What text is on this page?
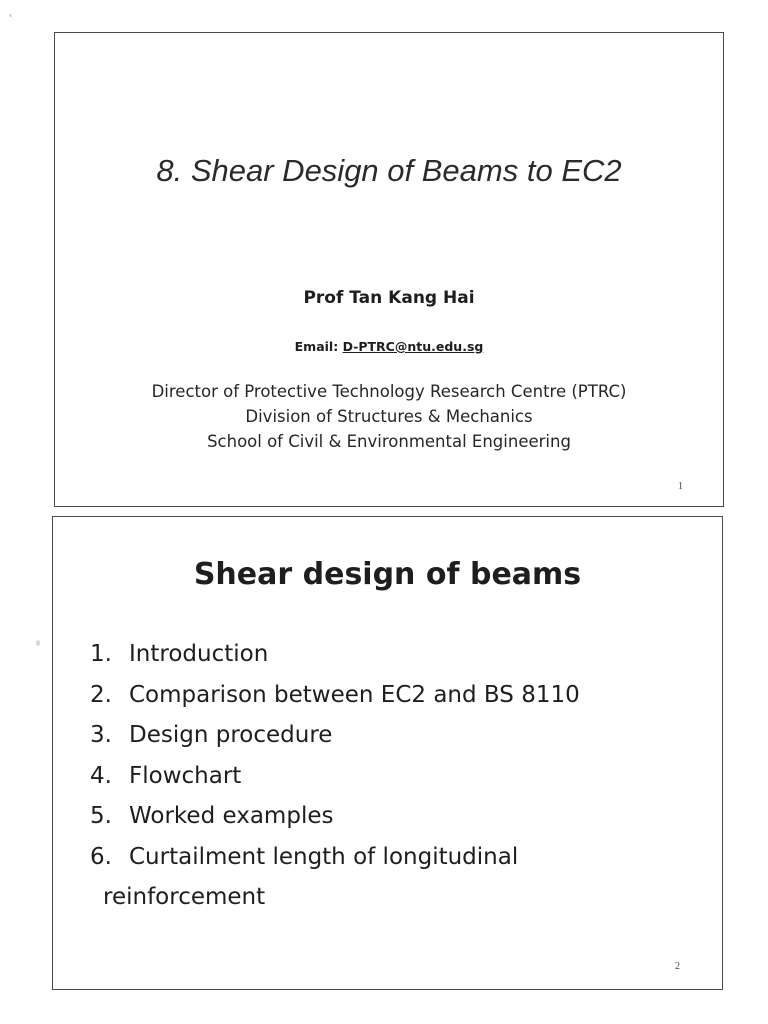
8. Shear Design of Beams to EC2
Prof Tan Kang Hai
Email: D-PTRC@ntu.edu.sg
Director of Protective Technology Research Centre (PTRC)
Division of Structures & Mechanics
School of Civil & Environmental Engineering
1
Shear design of beams
1. Introduction
2. Comparison between EC2 and BS 8110
3. Design procedure
4. Flowchart
5. Worked examples
6. Curtailment length of longitudinal
reinforcement
2
